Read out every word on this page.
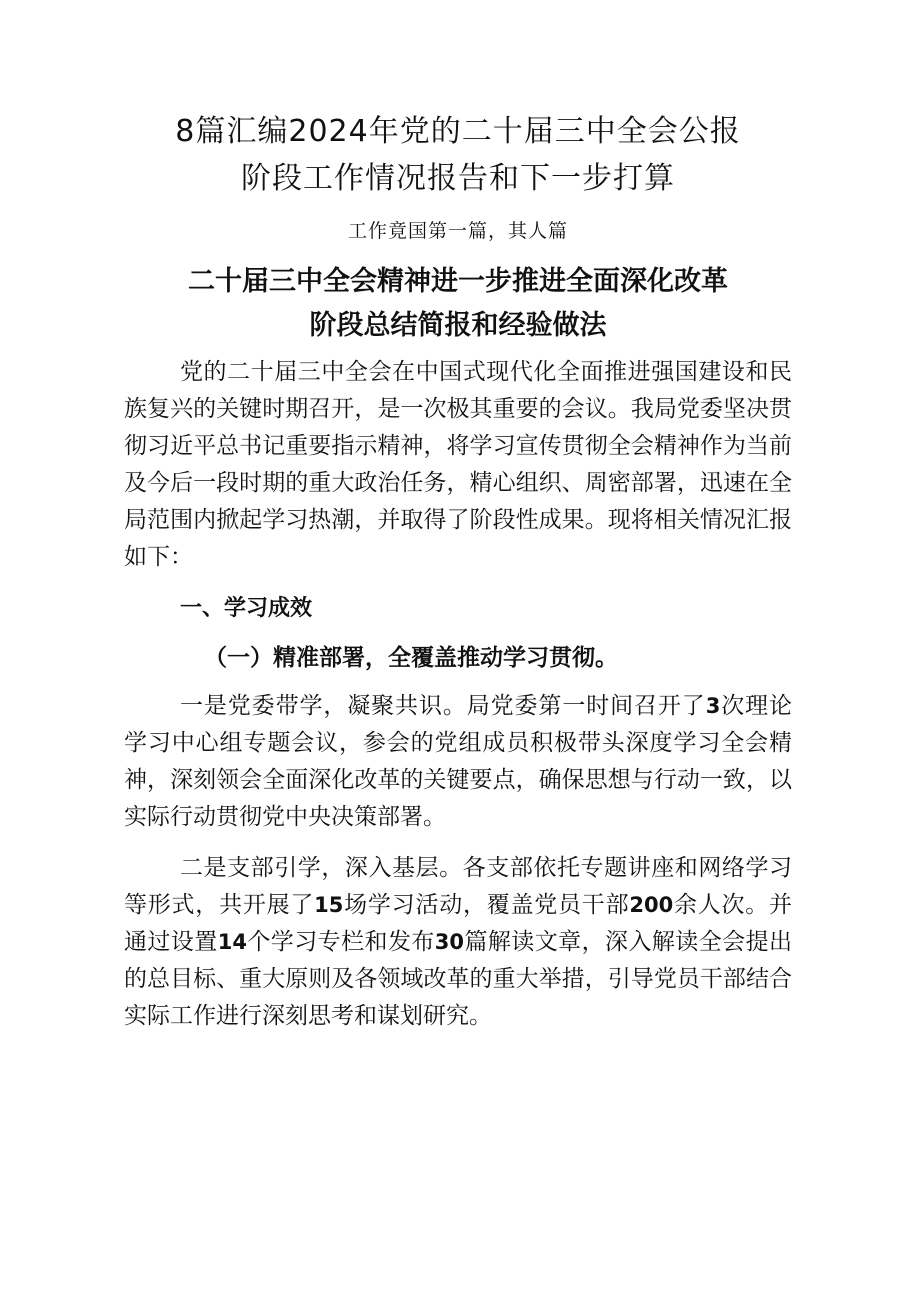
8篇汇编2024年党的二十届三中全会公报
阶段工作情况报告和下一步打算

工作竟国第一篇，其人篇

二十届三中全会精神进一步推进全面深化改革
阶段总结简报和经验做法

党的二十届三中全会在中国式现代化全面推进强国建设和民族复兴的关键时期召开，是一次极其重要的会议。我局党委坚决贯彻习近平总书记重要指示精神，将学习宣传贯彻全会精神作为当前及今后一段时期的重大政治任务，精心组织、周密部署，迅速在全局范围内掀起学习热潮，并取得了阶段性成果。现将相关情况汇报如下：

一、学习成效
（一）精准部署，全覆盖推动学习贯彻。

一是党委带学，凝聚共识。局党委第一时间召开了3次理论学习中心组专题会议，参会的党组成员积极带头深度学习全会精神，深刻领会全面深化改革的关键要点，确保思想与行动一致，以实际行动贯彻党中央决策部署。

二是支部引学，深入基层。各支部依托专题讲座和网络学习等形式，共开展了15场学习活动，覆盖党员干部200余人次。并通过设置14个学习专栏和发布30篇解读文章，深入解读全会提出的总目标、重大原则及各领域改革的重大举措，引导党员干部结合实际工作进行深刻思考和谋划研究。
